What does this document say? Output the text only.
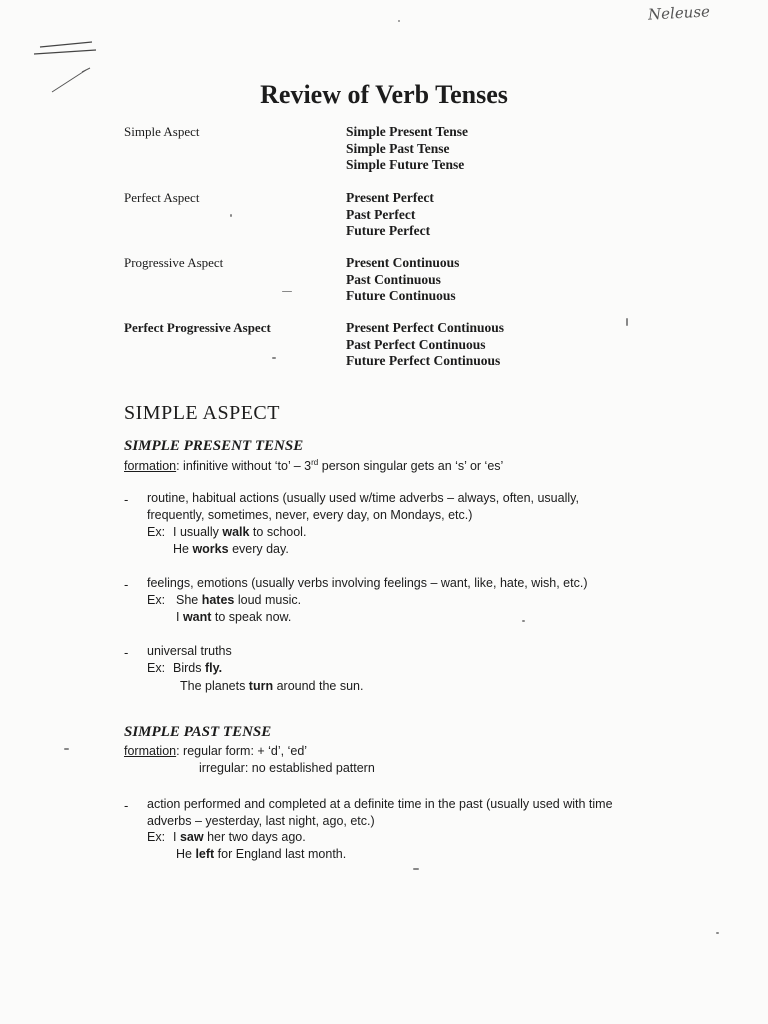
Neleuse
Review of Verb Tenses
Simple Aspect	Simple Present Tense
Simple Past Tense
Simple Future Tense
Perfect Aspect	Present Perfect
Past Perfect
Future Perfect
Progressive Aspect	Present Continuous
Past Continuous
Future Continuous
Perfect Progressive Aspect	Present Perfect Continuous
Past Perfect Continuous
Future Perfect Continuous
SIMPLE ASPECT
SIMPLE PRESENT TENSE
formation: infinitive without ‘to’ – 3rd person singular gets an ‘s’ or ‘es’
- routine, habitual actions (usually used w/time adverbs – always, often, usually,
frequently, sometimes, never, every day, on Mondays, etc.)
Ex: I usually walk to school.
He works every day.
- feelings, emotions (usually verbs involving feelings – want, like, hate, wish, etc.)
Ex: She hates loud music.
I want to speak now.
- universal truths
Ex: Birds fly.
The planets turn around the sun.
SIMPLE PAST TENSE
formation: regular form: + ‘d’, ‘ed’
irregular: no established pattern
- action performed and completed at a definite time in the past (usually used with time
adverbs – yesterday, last night, ago, etc.)
Ex: I saw her two days ago.
He left for England last month.
